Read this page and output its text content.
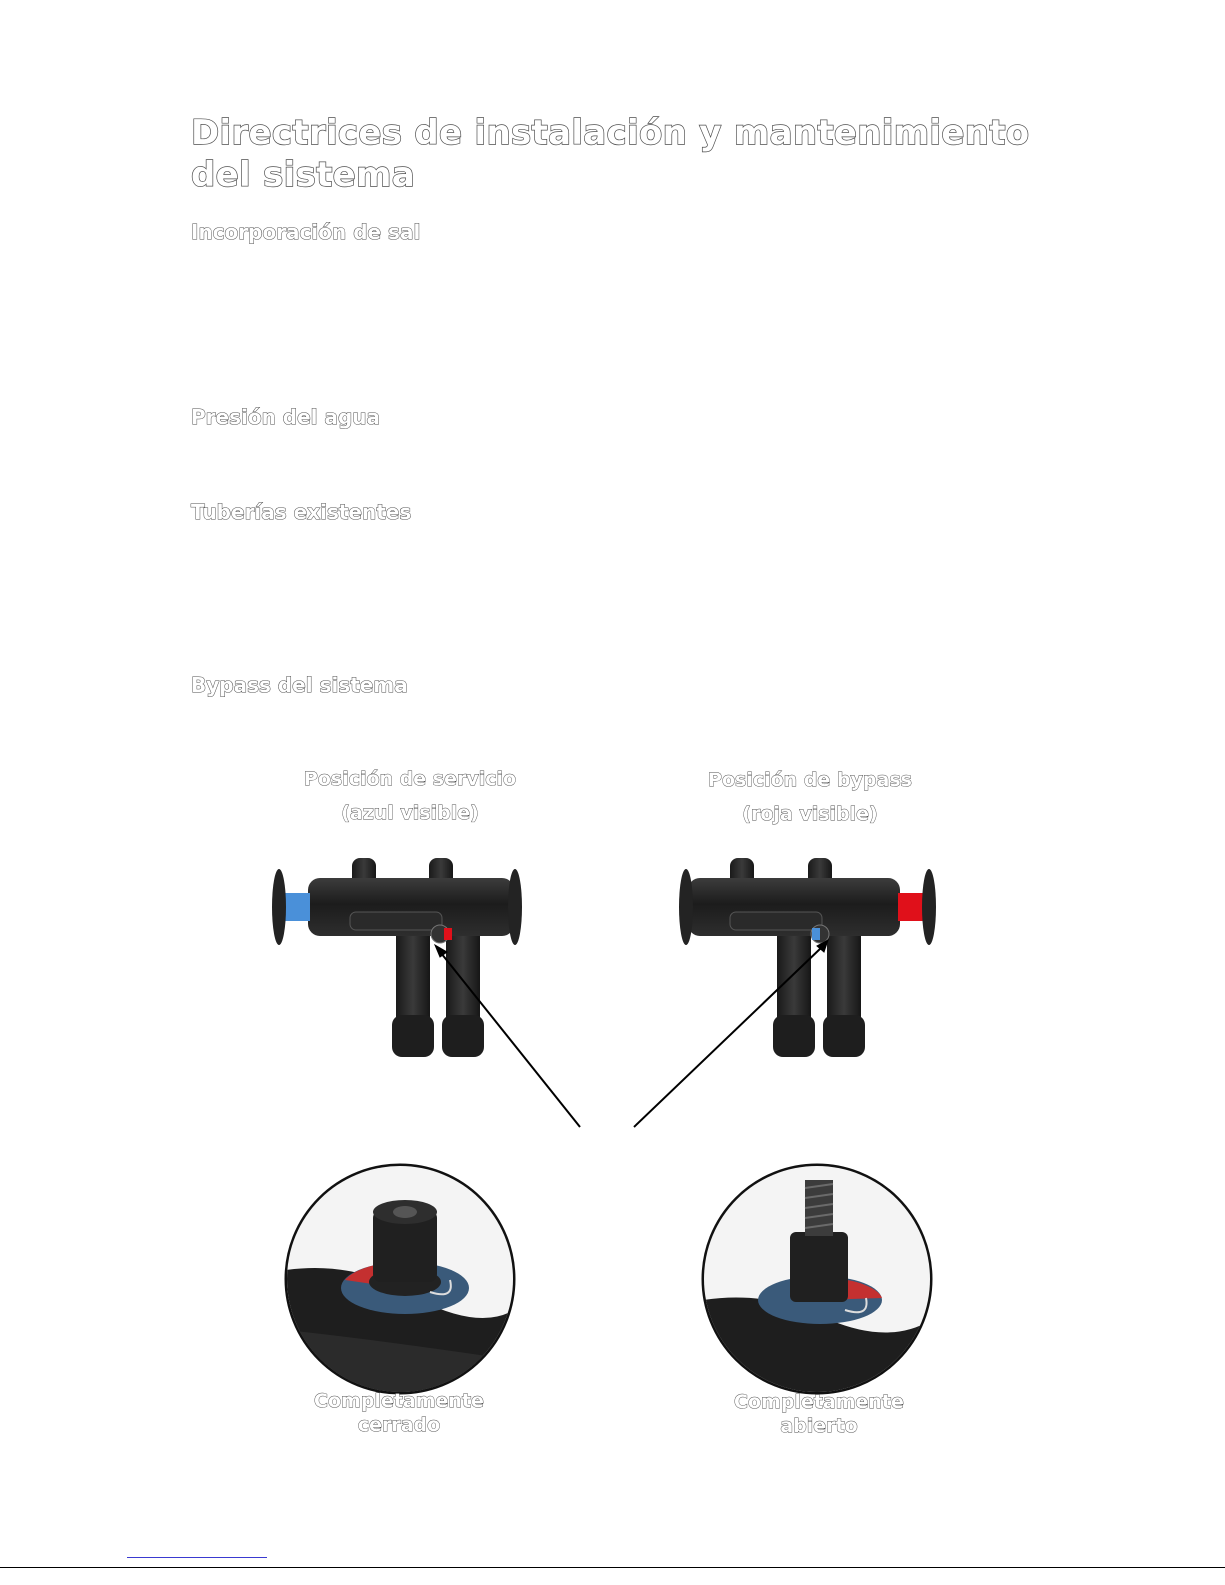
Directrices de instalación y mantenimiento del sistema
Incorporación de sal
Presión del agua
Tuberías existentes
Bypass del sistema
Posición de servicio
(azul visible)
Posición de bypass
(roja visible)
Completamente
cerrado
Completamente
abierto
